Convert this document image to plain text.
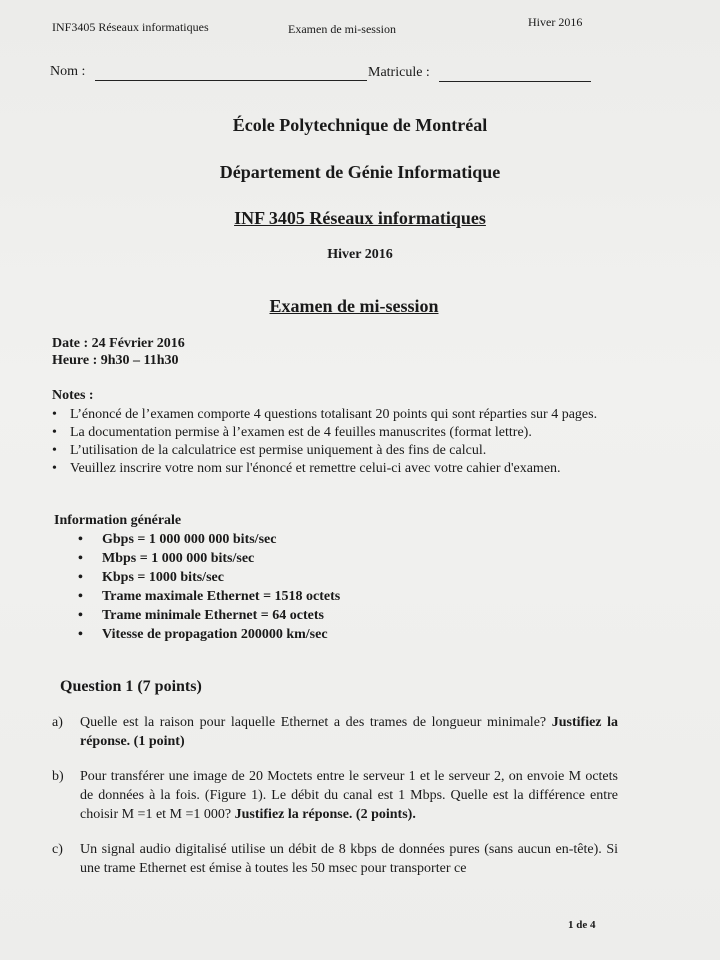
INF3405 Réseaux informatiques	Examen de mi-session	Hiver 2016
Nom :	Matricule :
École Polytechnique de Montréal
Département de Génie Informatique
INF 3405 Réseaux informatiques
Hiver 2016
Examen de mi-session
Date : 24 Février 2016
Heure : 9h30 – 11h30
Notes :
• L’énoncé de l’examen comporte 4 questions totalisant 20 points qui sont réparties sur 4 pages.
• La documentation permise à l’examen est de 4 feuilles manuscrites (format lettre).
• L’utilisation de la calculatrice est permise uniquement à des fins de calcul.
• Veuillez inscrire votre nom sur l'énoncé et remettre celui-ci avec votre cahier d'examen.
Information générale
• Gbps = 1 000 000 000 bits/sec
• Mbps = 1 000 000 bits/sec
• Kbps = 1000 bits/sec
• Trame maximale Ethernet = 1518 octets
• Trame minimale Ethernet = 64 octets
• Vitesse de propagation 200000 km/sec
Question 1 (7 points)
a) Quelle est la raison pour laquelle Ethernet a des trames de longueur minimale? Justifiez la réponse. (1 point)
b) Pour transférer une image de 20 Moctets entre le serveur 1 et le serveur 2, on envoie M octets de données à la fois. (Figure 1). Le débit du canal est 1 Mbps. Quelle est la différence entre choisir M =1 et M =1 000? Justifiez la réponse. (2 points).
c) Un signal audio digitalisé utilise un débit de 8 kbps de données pures (sans aucun en-tête). Si une trame Ethernet est émise à toutes les 50 msec pour transporter ce
1 de 4
